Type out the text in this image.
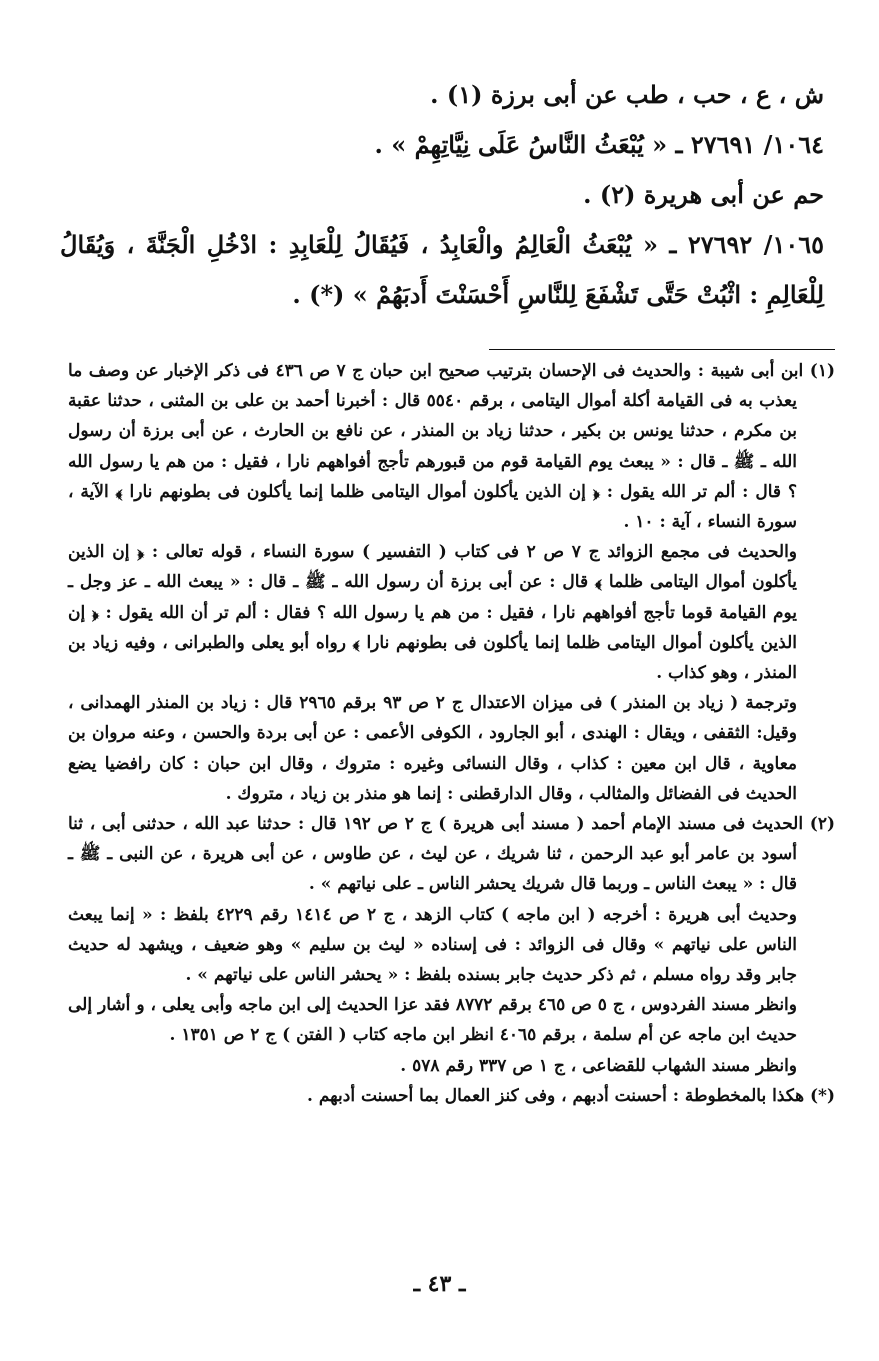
ش ، ع ، حب ، طب عن أبى برزة (١) .

١٠٦٤/ ٢٧٦٩١ ـ « يُبْعَثُ النَّاسُ عَلَى نِيَّاتِهِمْ » .

حم عن أبى هريرة (٢) .

١٠٦٥/ ٢٧٦٩٢ ـ « يُبْعَثُ الْعَالِمُ والْعَابِدُ ، فَيُقَالُ لِلْعَابِدِ : ادْخُلِ الْجَنَّةَ ، وَيُقَالُ لِلْعَالِمِ : اثْبُتْ حَتَّى تَشْفَعَ لِلنَّاسِ أَحْسَنْتَ أَدبَهُمْ » (*) .

(١) ابن أبى شيبة : والحديث فى الإحسان بترتيب صحيح ابن حبان ج ٧ ص ٤٣٦ فى ذكر الإخبار عن وصف ما يعذب به فى القيامة أكلة أموال اليتامى ، برقم ٥٥٤٠ قال : أخبرنا أحمد بن على بن المثنى ، حدثنا عقبة بن مكرم ، حدثنا يونس بن بكير ، حدثنا زياد بن المنذر ، عن نافع بن الحارث ، عن أبى برزة أن رسول الله ـ ﷺ ـ قال : « يبعث يوم القيامة قوم من قبورهم تأجج أفواههم نارا ، فقيل : من هم يا رسول الله ؟ قال : ألم تر الله يقول : ﴿ إن الذين يأكلون أموال اليتامى ظلما إنما يأكلون فى بطونهم نارا ﴾ الآية ، سورة النساء ، آية : ١٠ .

والحديث فى مجمع الزوائد ج ٧ ص ٢ فى كتاب ( التفسير ) سورة النساء ، قوله تعالى : ﴿ إن الذين يأكلون أموال اليتامى ظلما ﴾ قال : عن أبى برزة أن رسول الله ـ ﷺ ـ قال : « يبعث الله ـ عز وجل ـ يوم القيامة قوما تأجج أفواههم نارا ، فقيل : من هم يا رسول الله ؟ فقال : ألم تر أن الله يقول : ﴿ إن الذين يأكلون أموال اليتامى ظلما إنما يأكلون فى بطونهم نارا ﴾ رواه أبو يعلى والطبرانى ، وفيه زياد بن المنذر ، وهو كذاب .

وترجمة ( زياد بن المنذر ) فى ميزان الاعتدال ج ٢ ص ٩٣ برقم ٢٩٦٥ قال : زياد بن المنذر الهمدانى ، وقيل: الثقفى ، ويقال : الهندى ، أبو الجارود ، الكوفى الأعمى : عن أبى بردة والحسن ، وعنه مروان بن معاوية ، قال ابن معين : كذاب ، وقال النسائى وغيره : متروك ، وقال ابن حبان : كان رافضيا يضع الحديث فى الفضائل والمثالب ، وقال الدارقطنى : إنما هو منذر بن زياد ، متروك .

(٢) الحديث فى مسند الإمام أحمد ( مسند أبى هريرة ) ج ٢ ص ١٩٢ قال : حدثنا عبد الله ، حدثنى أبى ، ثنا أسود بن عامر أبو عبد الرحمن ، ثنا شريك ، عن ليث ، عن طاوس ، عن أبى هريرة ، عن النبى ـ ﷺ ـ قال : « يبعث الناس ـ وربما قال شريك يحشر الناس ـ على نياتهم » .

وحديث أبى هريرة : أخرجه ( ابن ماجه ) كتاب الزهد ، ج ٢ ص ١٤١٤ رقم ٤٢٢٩ بلفظ : « إنما يبعث الناس على نياتهم » وقال فى الزوائد : فى إسناده « ليث بن سليم » وهو ضعيف ، ويشهد له حديث جابر وقد رواه مسلم ، ثم ذكر حديث جابر بسنده بلفظ : « يحشر الناس على نياتهم » .

وانظر مسند الفردوس ، ج ٥ ص ٤٦٥ برقم ٨٧٧٢ فقد عزا الحديث إلى ابن ماجه وأبى يعلى ، و أشار إلى حديث ابن ماجه عن أم سلمة ، برقم ٤٠٦٥ انظر ابن ماجه كتاب ( الفتن ) ج ٢ ص ١٣٥١ .

وانظر مسند الشهاب للقضاعى ، ج ١ ص ٣٣٧ رقم ٥٧٨ .

(*) هكذا بالمخطوطة : أحسنت أدبهم ، وفى كنز العمال بما أحسنت أدبهم .

ـ ٤٣ ـ
